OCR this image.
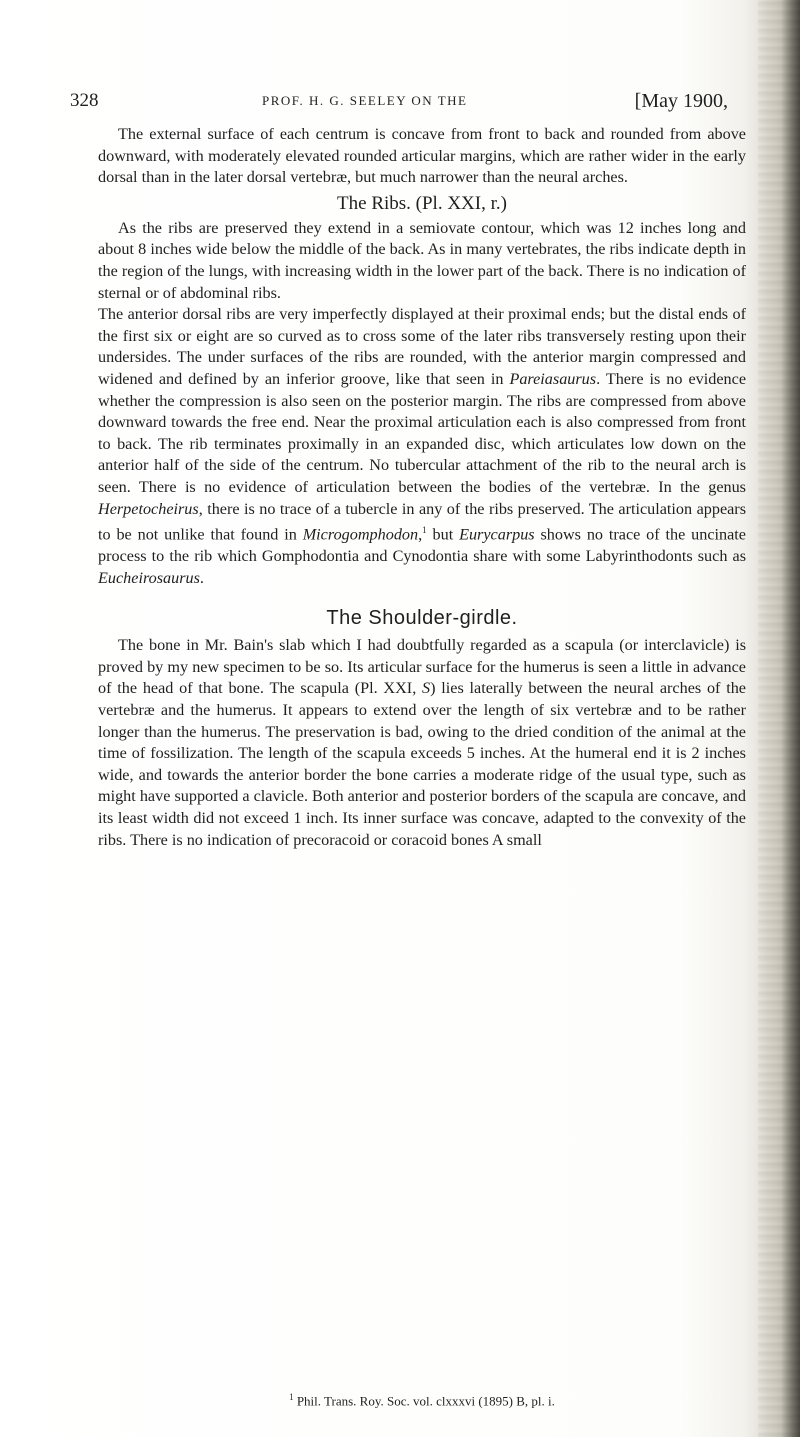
328	PROF. H. G. SEELEY ON THE	[May 1900,

The external surface of each centrum is concave from front to back and rounded from above downward, with moderately elevated rounded articular margins, which are rather wider in the early dorsal than in the later dorsal vertebræ, but much narrower than the neural arches.

The Ribs. (Pl. XXI, r.)

As the ribs are preserved they extend in a semiovate contour, which was 12 inches long and about 8 inches wide below the middle of the back. As in many vertebrates, the ribs indicate depth in the region of the lungs, with increasing width in the lower part of the back. There is no indication of sternal or of abdominal ribs.

The anterior dorsal ribs are very imperfectly displayed at their proximal ends; but the distal ends of the first six or eight are so curved as to cross some of the later ribs transversely resting upon their undersides. The under surfaces of the ribs are rounded, with the anterior margin compressed and widened and defined by an inferior groove, like that seen in Pareiasaurus. There is no evidence whether the compression is also seen on the posterior margin. The ribs are compressed from above downward towards the free end. Near the proximal articulation each is also compressed from front to back. The rib terminates proximally in an expanded disc, which articulates low down on the anterior half of the side of the centrum. No tubercular attachment of the rib to the neural arch is seen. There is no evidence of articulation between the bodies of the vertebræ. In the genus Herpetocheirus, there is no trace of a tubercle in any of the ribs preserved. The articulation appears to be not unlike that found in Microgomphodon,$^1$ but Eurycarpus shows no trace of the uncinate process to the rib which Gomphodontia and Cynodontia share with some Labyrinthodonts such as Eucheirosaurus.

The Shoulder-girdle.

The bone in Mr. Bain's slab which I had doubtfully regarded as a scapula (or interclavicle) is proved by my new specimen to be so. Its articular surface for the humerus is seen a little in advance of the head of that bone. The scapula (Pl. XXI, S) lies laterally between the neural arches of the vertebræ and the humerus. It appears to extend over the length of six vertebræ and to be rather longer than the humerus. The preservation is bad, owing to the dried condition of the animal at the time of fossilization. The length of the scapula exceeds 5 inches. At the humeral end it is 2 inches wide, and towards the anterior border the bone carries a moderate ridge of the usual type, such as might have supported a clavicle. Both anterior and posterior borders of the scapula are concave, and its least width did not exceed 1 inch. Its inner surface was concave, adapted to the convexity of the ribs. There is no indication of precoracoid or coracoid bones A small

$^1$ Phil. Trans. Roy. Soc. vol. clxxxvi (1895) B, pl. i.
